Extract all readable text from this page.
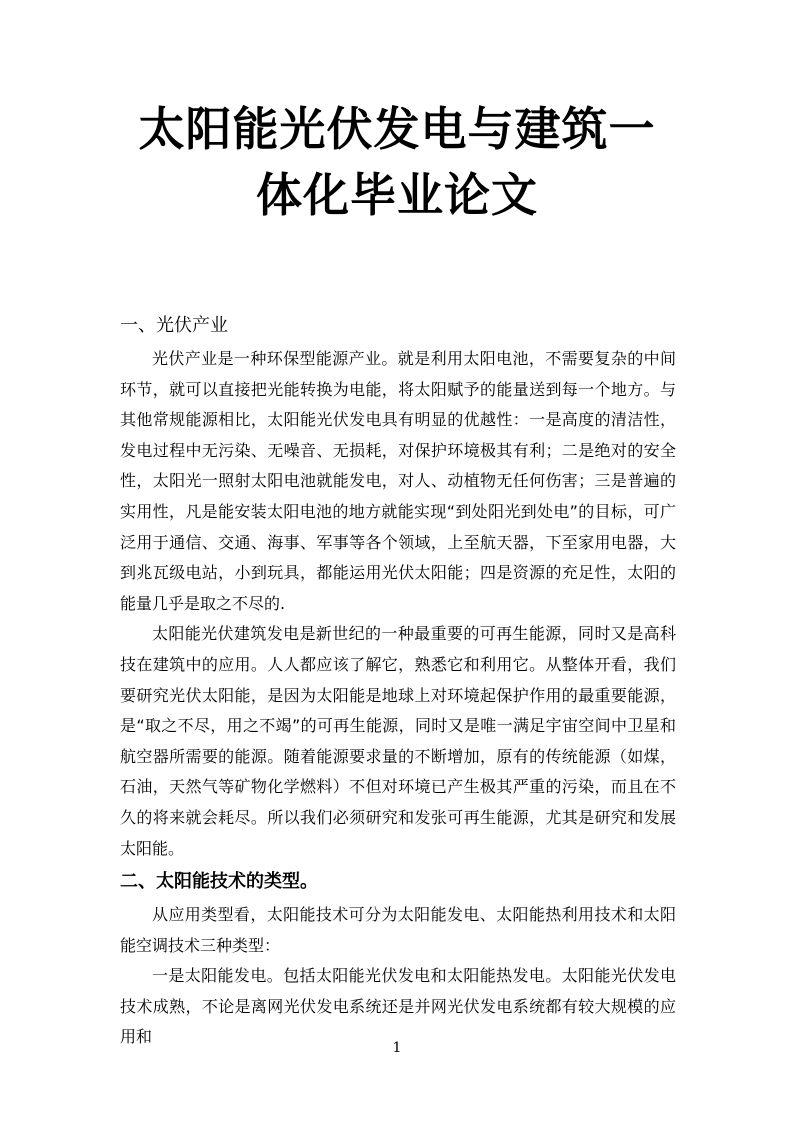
太阳能光伏发电与建筑一
体化毕业论文
一、光伏产业

光伏产业是一种环保型能源产业。就是利用太阳电池，不需要复杂的中间环节，就可以直接把光能转换为电能，将太阳赋予的能量送到每一个地方。与其他常规能源相比，太阳能光伏发电具有明显的优越性：一是高度的清洁性，发电过程中无污染、无噪音、无损耗，对保护环境极其有利；二是绝对的安全性，太阳光一照射太阳电池就能发电，对人、动植物无任何伤害；三是普遍的实用性，凡是能安装太阳电池的地方就能实现“到处阳光到处电”的目标，可广泛用于通信、交通、海事、军事等各个领域，上至航天器，下至家用电器，大到兆瓦级电站，小到玩具，都能运用光伏太阳能；四是资源的充足性，太阳的能量几乎是取之不尽的.

太阳能光伏建筑发电是新世纪的一种最重要的可再生能源，同时又是高科技在建筑中的应用。人人都应该了解它，熟悉它和利用它。从整体开看，我们要研究光伏太阳能，是因为太阳能是地球上对环境起保护作用的最重要能源，是“取之不尽，用之不竭”的可再生能源，同时又是唯一满足宇宙空间中卫星和航空器所需要的能源。随着能源要求量的不断增加，原有的传统能源（如煤，石油，天然气等矿物化学燃料）不但对环境已产生极其严重的污染，而且在不久的将来就会耗尽。所以我们必须研究和发张可再生能源，尤其是研究和发展太阳能。

二、太阳能技术的类型。

从应用类型看，太阳能技术可分为太阳能发电、太阳能热利用技术和太阳能空调技术三种类型：

一是太阳能发电。包括太阳能光伏发电和太阳能热发电。太阳能光伏发电技术成熟，不论是离网光伏发电系统还是并网光伏发电系统都有较大规模的应用和

1
